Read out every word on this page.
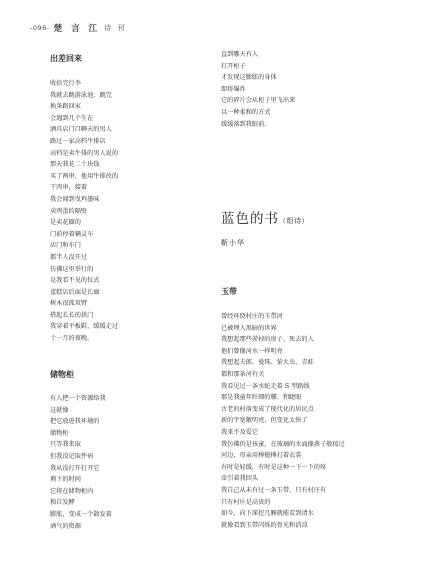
-096- 楚 言 江 诗 刊
出差回来
收拾完行李
我就去跳游泳池，跳完
换条路回家
会遇到几个生在
酒具店门口聊天的男人
路过一家高档牛排店
高档是卖牛排的男人说的
那天我花二十块钱
买了两串，他用牛排改的
干肉串，接着
我会闻到曳鸡墨味
卖鸡蛋的隔壁
是卖花圈的
门前停着辆灵车
店门和车门
都半人没开过
仿佛这里举行的
是我看不见的仪式
蛋糕店后面是长廊
树木很孤双臂
搭起长长的拱门
我穿着平板鞋，缓缓走过
十一月的夜晚。
储物柜
有人把一个资源给我
这就像
把它放进我环境的
储物柜
只等我来取
但我没记取件码
我从没打开打开它
剩下的时间
它将在储物柜内
独自发酵
膨胀，变成一个散发着
酒气的资源
直到哪天有人
打开柜子
才发现这膨胀的身体
即将爆炸
它的碎片会从柜子里飞出来
以一种柔和的方式
缓缓落到我眼前。
玉带
曾经环绕村庄的玉带河
已被埋入黑暗的世界
我想起那些淤掉的房子、死去的人
他们曾像河水一样明亮
我想起夫郎、曼珠、萤火虫、青蛙
都和那条河有关
我看见过一条水蛇走着 S 型路线
那是我童年纤细的腰、和睫眼
古老的村落变成了现代化的居民点
新的宇宽敞明亮，但变化太快了
我来不及爱它
我仿佛仍是孩童，在玻璃的水面像燕子般掠过
河边，母亲用棒槌捶打着衣裳
有时是轻缓，有时是这种一下一下的疼
牵引着我回头
我自己从未有过一条玉带，只有村庄有
只有村庄是高贵的
如今，向下深挖几厢就能看到清水
就像看到玉带闪烁的骨光和消凉
蓝色的书（组诗）
靳小华
